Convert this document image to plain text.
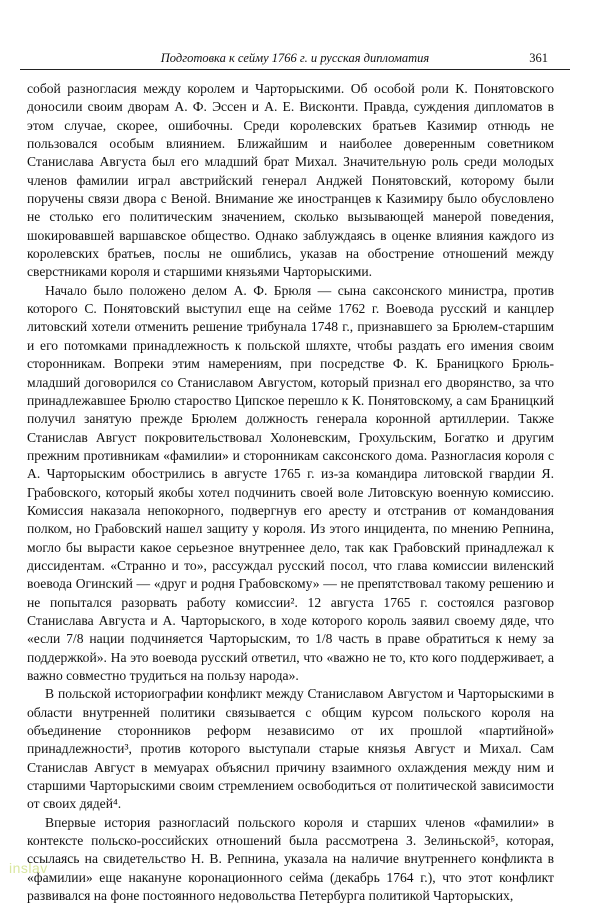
Подготовка к сейму 1766 г. и русская дипломатия	361

собой разногласия между королем и Чарторыскими. Об особой роли К. Понятовского доносили своим дворам А. Ф. Эссен и А. Е. Висконти. Правда, суждения дипломатов в этом случае, скорее, ошибочны. Среди королевских братьев Казимир отнюдь не пользовался особым влиянием. Ближайшим и наиболее доверенным советником Станислава Августа был его младший брат Михал. Значительную роль среди молодых членов фамилии играл австрийский генерал Анджей Понятовский, которому были поручены связи двора с Веной. Внимание же иностранцев к Казимиру было обусловлено не столько его политическим значением, сколько вызывающей манерой поведения, шокировавшей варшавское общество. Однако заблуждаясь в оценке влияния каждого из королевских братьев, послы не ошиблись, указав на обострение отношений между сверстниками короля и старшими князьями Чарторыскими.

Начало было положено делом А. Ф. Брюля — сына саксонского министра, против которого С. Понятовский выступил еще на сейме 1762 г. Воевода русский и канцлер литовский хотели отменить решение трибунала 1748 г., признавшего за Брюлем-старшим и его потомками принадлежность к польской шляхте, чтобы раздать его имения своим сторонникам. Вопреки этим намерениям, при посредстве Ф. К. Браницкого Брюль-младший договорился со Станиславом Августом, который признал его дворянство, за что принадлежавшее Брюлю староство Ципское перешло к К. Понятовскому, а сам Браницкий получил занятую прежде Брюлем должность генерала коронной артиллерии. Также Станислав Август покровительствовал Холоневским, Грохульским, Богатко и другим прежним противникам «фамилии» и сторонникам саксонского дома. Разногласия короля с А. Чарторыским обострились в августе 1765 г. из-за командира литовской гвардии Я. Грабовского, который якобы хотел подчинить своей воле Литовскую военную комиссию. Комиссия наказала непокорного, подвергнув его аресту и отстранив от командования полком, но Грабовский нашел защиту у короля. Из этого инцидента, по мнению Репнина, могло бы вырасти какое серьезное внутреннее дело, так как Грабовский принадлежал к диссидентам. «Странно и то», рассуждал русский посол, что глава комиссии виленский воевода Огинский — «друг и родня Грабовскому» — не препятствовал такому решению и не попытался разорвать работу комиссии². 12 августа 1765 г. состоялся разговор Станислава Августа и А. Чарторыского, в ходе которого король заявил своему дяде, что «если 7/8 нации подчиняется Чарторыским, то 1/8 часть в праве обратиться к нему за поддержкой». На это воевода русский ответил, что «важно не то, кто кого поддерживает, а важно совместно трудиться на пользу народа».

В польской историографии конфликт между Станиславом Августом и Чарторыскими в области внутренней политики связывается с общим курсом польского короля на объединение сторонников реформ независимо от их прошлой «партийной» принадлежности³, против которого выступали старые князья Август и Михал. Сам Станислав Август в мемуарах объяснил причину взаимного охлаждения между ним и старшими Чарторыскими своим стремлением освободиться от политической зависимости от своих дядей⁴.

Впервые история разногласий польского короля и старших членов «фамилии» в контексте польско-российских отношений была рассмотрена З. Зелиньской⁵, которая, ссылаясь на свидетельство Н. В. Репнина, указала на наличие внутреннего конфликта в «фамилии» еще накануне коронационного сейма (декабрь 1764 г.), что этот конфликт развивался на фоне постоянного недовольства Петербурга политикой Чарторыских,

inslav
